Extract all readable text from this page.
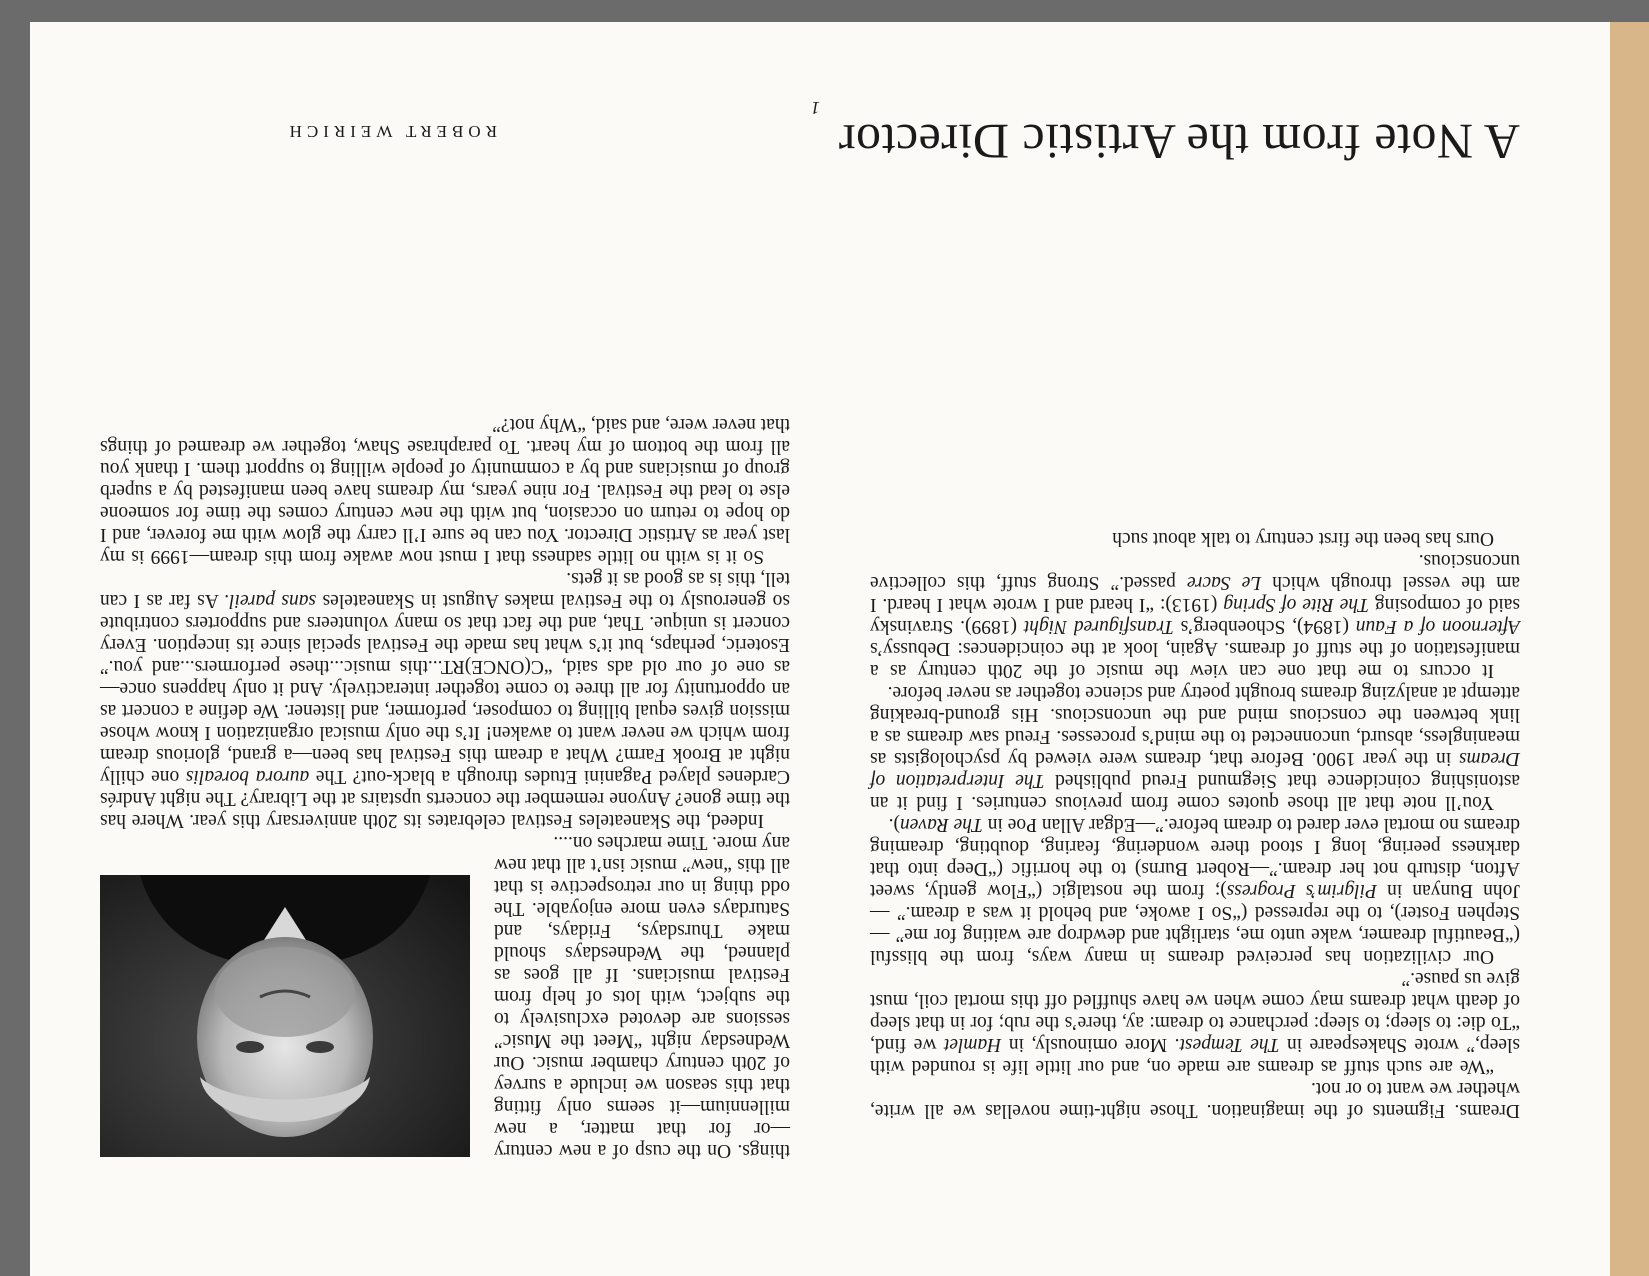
A Note from the Artistic Director
ROBERT WEIRICH

Dreams. Figments of the imagination. Those night-time novellas we all write, whether we want to or not.

“We are such stuff as dreams are made on, and our little life is rounded with sleep,” wrote Shakespeare in The Tempest. More ominously, in Hamlet we find, “To die: to sleep; to sleep: perchance to dream: ay, there’s the rub; for in that sleep of death what dreams may come when we have shuffled off this mortal coil, must give us pause.”

Our civilization has perceived dreams in many ways, from the blissful (“Beautiful dreamer, wake unto me, starlight and dewdrop are waiting for me” —Stephen Foster), to the repressed (“So I awoke, and behold it was a dream.” —John Bunyan in Pilgrim’s Progress); from the nostalgic (“Flow gently, sweet Afton, disturb not her dream.”—Robert Burns) to the horrific (“Deep into that darkness peering, long I stood there wondering, fearing, doubting, dreaming dreams no mortal ever dared to dream before.”—Edgar Allan Poe in The Raven).

You’ll note that all those quotes come from previous centuries. I find it an astonishing coincidence that Siegmund Freud published The Interpretation of Dreams in the year 1900. Before that, dreams were viewed by psychologists as meaningless, absurd, unconnected to the mind’s processes. Freud saw dreams as a link between the conscious mind and the unconscious. His ground-breaking attempt at analyzing dreams brought poetry and science together as never before.

It occurs to me that one can view the music of the 20th century as a manifestation of the stuff of dreams. Again, look at the coincidences: Debussy’s Afternoon of a Faun (1894), Schoenberg’s Transfigured Night (1899). Stravinsky said of composing The Rite of Spring (1913): “I heard and I wrote what I heard. I am the vessel through which Le Sacre passed.” Strong stuff, this collective unconscious.

Ours has been the first century to talk about such

things. On the cusp of a new century—or for that matter, a new millennium—it seems only fitting that this season we include a survey of 20th century chamber music. Our Wednesday night “Meet the Music” sessions are devoted exclusively to the subject, with lots of help from Festival musicians. If all goes as planned, the Wednesdays should make Thursdays, Fridays, and Saturdays even more enjoyable. The odd thing in our retrospective is that all this “new” music isn’t all that new any more. Time marches on....

Indeed, the Skaneateles Festival celebrates its 20th anniversary this year. Where has the time gone? Anyone remember the concerts upstairs at the Library? The night Andrés Cardenes played Paganini Etudes through a black-out? The aurora borealis one chilly night at Brook Farm? What a dream this Festival has been—a grand, glorious dream from which we never want to awaken! It’s the only musical organization I know whose mission gives equal billing to composer, performer, and listener. We define a concert as an opportunity for all three to come together interactively. And it only happens once—as one of our old ads said, “C(ONCE)RT...this music...these performers...and you.” Esoteric, perhaps, but it’s what has made the Festival special since its inception. Every concert is unique. That, and the fact that so many volunteers and supporters contribute so generously to the Festival makes August in Skaneateles sans pareil. As far as I can tell, this is as good as it gets.

So it is with no little sadness that I must now awake from this dream—1999 is my last year as Artistic Director. You can be sure I’ll carry the glow with me forever, and I do hope to return on occasion, but with the new century comes the time for someone else to lead the Festival. For nine years, my dreams have been manifested by a superb group of musicians and by a community of people willing to support them. I thank you all from the bottom of my heart. To paraphrase Shaw, together we dreamed of things that never were, and said, “Why not?”

1
